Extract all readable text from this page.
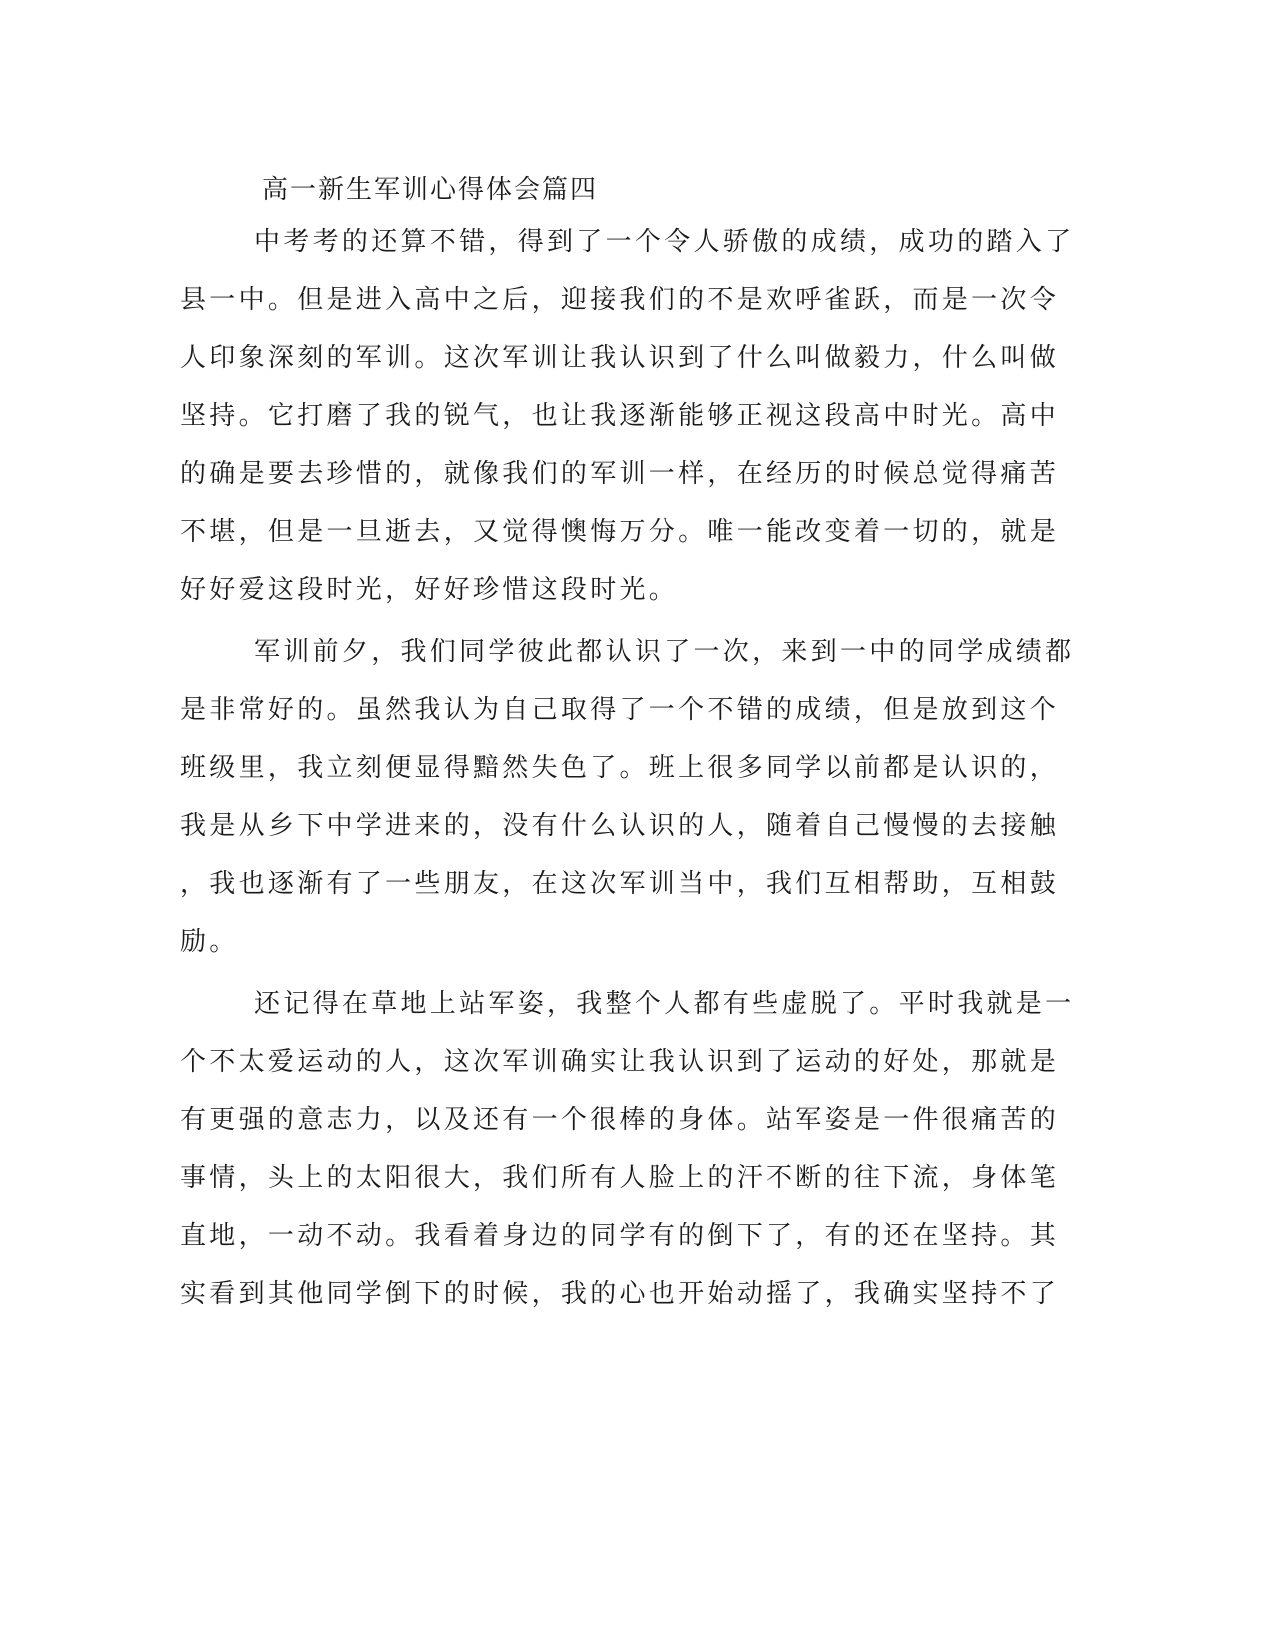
高一新生军训心得体会篇四
中考考的还算不错，得到了一个令人骄傲的成绩，成功的踏入了
县一中。但是进入高中之后，迎接我们的不是欢呼雀跃，而是一次令
人印象深刻的军训。这次军训让我认识到了什么叫做毅力，什么叫做
坚持。它打磨了我的锐气，也让我逐渐能够正视这段高中时光。高中
的确是要去珍惜的，就像我们的军训一样，在经历的时候总觉得痛苦
不堪，但是一旦逝去，又觉得懊悔万分。唯一能改变着一切的，就是
好好爱这段时光，好好珍惜这段时光。
军训前夕，我们同学彼此都认识了一次，来到一中的同学成绩都
是非常好的。虽然我认为自己取得了一个不错的成绩，但是放到这个
班级里，我立刻便显得黯然失色了。班上很多同学以前都是认识的，
我是从乡下中学进来的，没有什么认识的人，随着自己慢慢的去接触
，我也逐渐有了一些朋友，在这次军训当中，我们互相帮助，互相鼓
励。
还记得在草地上站军姿，我整个人都有些虚脱了。平时我就是一
个不太爱运动的人，这次军训确实让我认识到了运动的好处，那就是
有更强的意志力，以及还有一个很棒的身体。站军姿是一件很痛苦的
事情，头上的太阳很大，我们所有人脸上的汗不断的往下流，身体笔
直地，一动不动。我看着身边的同学有的倒下了，有的还在坚持。其
实看到其他同学倒下的时候，我的心也开始动摇了，我确实坚持不了
